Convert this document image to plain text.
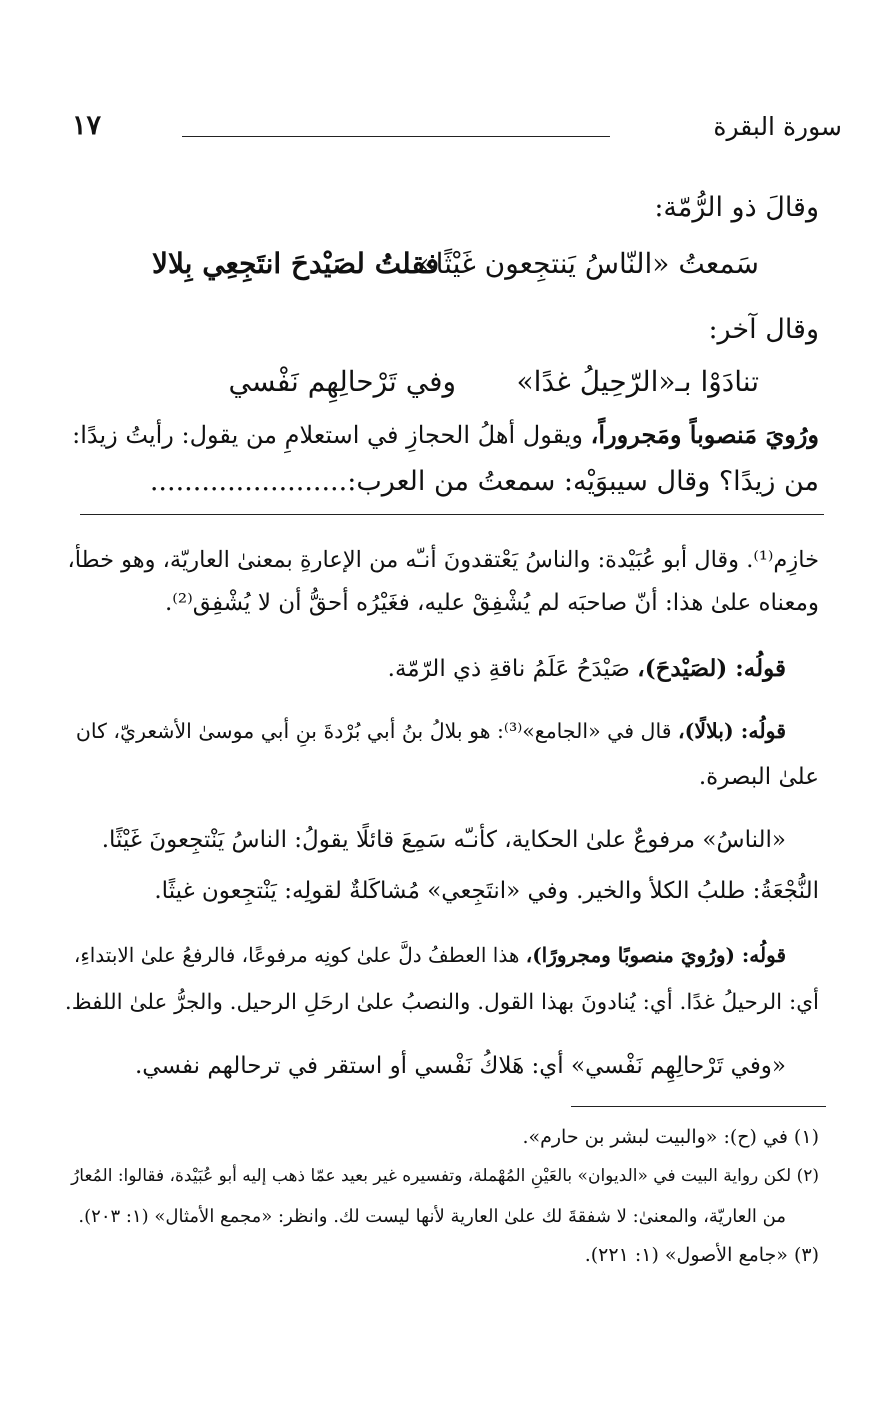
سورة البقرة
١٧
وقالَ ذو الرُّمّة:
سَمعتُ «النّاسُ يَنتجِعون غَيْثًا»
فقلتُ لصَيْدحَ انتَجِعِي بِلالا
وقال آخر:
تنادَوْا بـ«الرّحِيلُ غدًا»
وفي تَرْحالِهِم نَفْسي
ورُويَ مَنصوباً ومَجروراً، ويقول أهلُ الحجازِ في استعلامِ من يقول: رأيتُ زيدًا:
من زيدًا؟ وقال سيبوَيْه: سمعتُ من العرب:.......................
خازِم⁽¹⁾. وقال أبو عُبَيْدة: والناسُ يَعْتقدونَ أنـّه من الإعارةِ بمعنىٰ العاريّة، وهو خطأ،
ومعناه علىٰ هذا: أنّ صاحبَه لم يُشْفِقْ عليه، فغَيْرُه أحقُّ أن لا يُشْفِق⁽²⁾.
قولُه: (لصَيْدحَ)، صَيْدَحُ عَلَمُ ناقةِ ذي الرّمّة.
قولُه: (بلالًا)، قال في «الجامع»⁽³⁾: هو بلالُ بنُ أبي بُرْدةَ بنِ أبي موسىٰ الأشعريّ، كان
علىٰ البصرة.
«الناسُ» مرفوعٌ علىٰ الحكاية، كأنـّه سَمِعَ قائلًا يقولُ: الناسُ يَنْتجِعونَ غَيْثًا.
النُّجْعَةُ: طلبُ الكلأ والخير. وفي «انتَجِعي» مُشاكَلةٌ لقولِه: يَنْتجِعون غيثًا.
قولُه: (ورُويَ منصوبًا ومجرورًا)، هذا العطفُ دلَّ علىٰ كونِه مرفوعًا، فالرفعُ علىٰ الابتداءِ،
أي: الرحيلُ غدًا. أي: يُنادونَ بهذا القول. والنصبُ علىٰ ارحَلِ الرحيل. والجرُّ علىٰ اللفظ.
«وفي تَرْحالِهِم نَفْسي» أي: هَلاكُ نَفْسي أو استقر في ترحالهم نفسي.
(١) في (ح): «والبيت لبشر بن حارم».
(٢) لكن رواية البيت في «الديوان» بالعَيْنِ المُهْملة، وتفسيره غير بعيد عمّا ذهب إليه أبو عُبَيْدة، فقالوا: المُعارُ
من العاريّة، والمعنىٰ: لا شفقةَ لك علىٰ العارية لأنها ليست لك. وانظر: «مجمع الأمثال» (١: ٢٠٣).
(٣) «جامع الأصول» (١: ٢٢١).
